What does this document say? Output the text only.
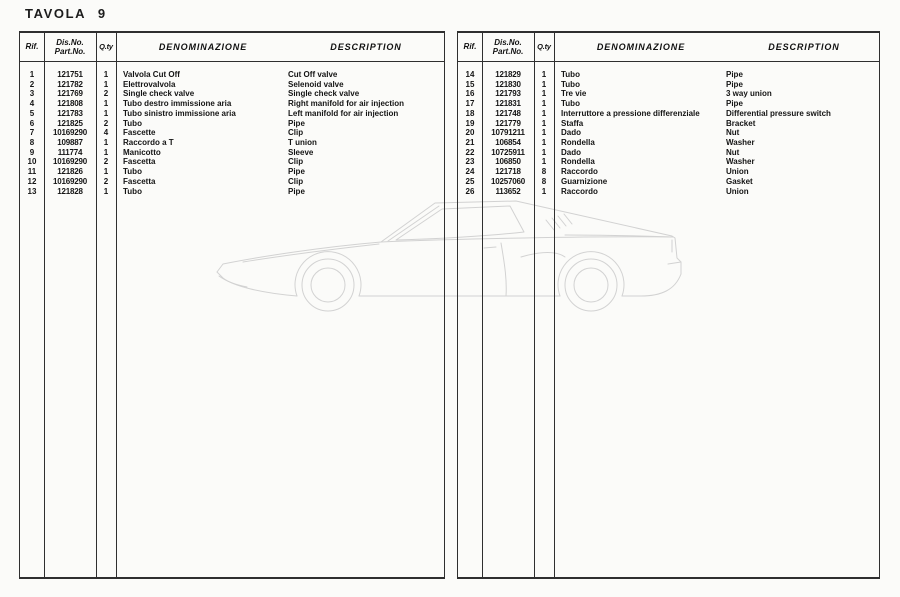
TAVOLA 9
Rif.	Dis.No.
Part.No.
Q.ty	DENOMINAZIONE	DESCRIPTION
1	121751	1	Valvola Cut Off	Cut Off valve
2	121782	1	Elettrovalvola	Selenoid valve
3	121769	2	Single check valve	Single check valve
4	121808	1	Tubo destro immissione aria	Right manifold for air injection
5	121783	1	Tubo sinistro immissione aria	Left manifold for air injection
6	121825	2	Tubo	Pipe
7	10169290	4	Fascette	Clip
8	109887	1	Raccordo a T	T union
9	111774	1	Manicotto	Sleeve
10	10169290	2	Fascetta	Clip
11	121826	1	Tubo	Pipe
12	10169290	2	Fascetta	Clip
13	121828	1	Tubo	Pipe
Rif.	Dis.No.
Part.No.
Q.ty	DENOMINAZIONE	DESCRIPTION
14	121829	1	Tubo	Pipe
15	121830	1	Tubo	Pipe
16	121793	1	Tre vie	3 way union
17	121831	1	Tubo	Pipe
18	121748	1	Interruttore a pressione differenziale	Differential pressure switch
19	121779	1	Staffa	Bracket
20	10791211	1	Dado	Nut
21	106854	1	Rondella	Washer
22	10725911	1	Dado	Nut
23	106850	1	Rondella	Washer
24	121718	8	Raccordo	Union
25	10257060	8	Guarnizione	Gasket
26	113652	1	Raccordo	Union
